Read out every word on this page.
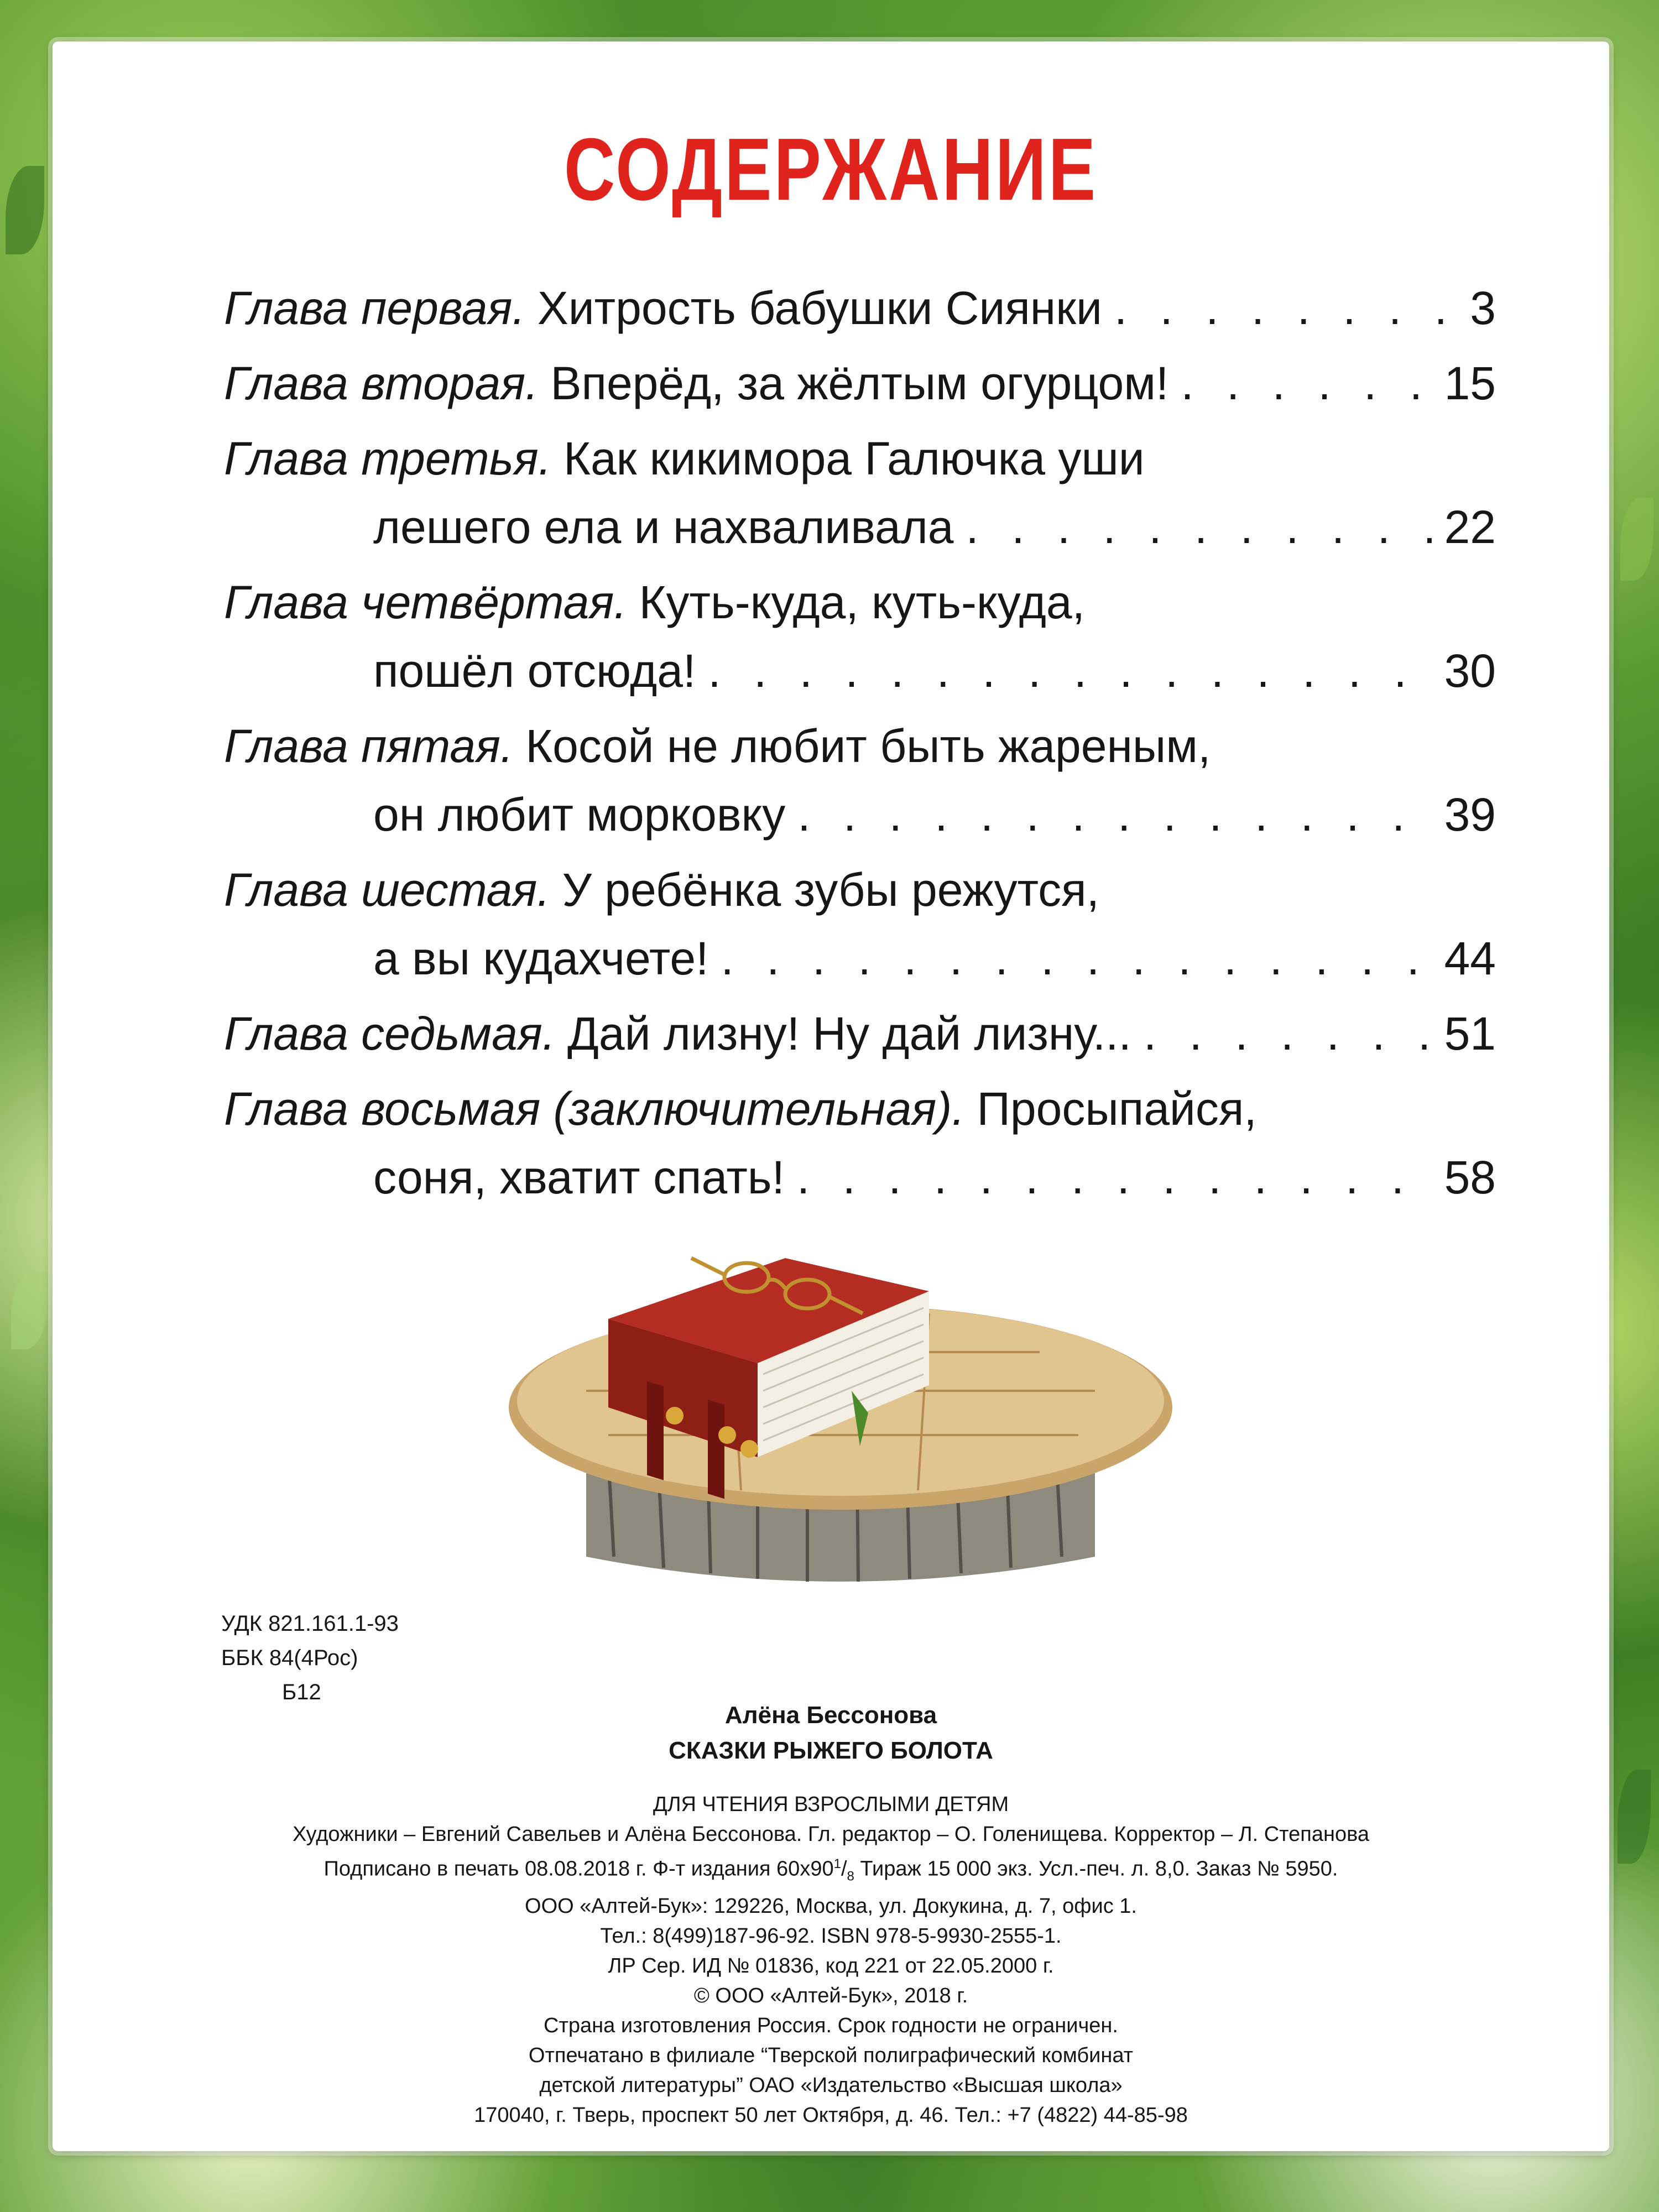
СОДЕРЖАНИЕ
Глава первая. Хитрость бабушки Сиянки . . .	3
Глава вторая. Вперёд, за жёлтым огурцом! . . .	15
Глава третья. Как кикимора Галючка уши
лешего ела и нахваливала . . .	22
Глава четвёртая. Куть-куда, куть-куда,
пошёл отсюда! . . .	30
Глава пятая. Косой не любит быть жареным,
он любит морковку . . .	39
Глава шестая. У ребёнка зубы режутся,
а вы кудахчете! . . .	44
Глава седьмая. Дай лизну! Ну дай лизну... . . .	51
Глава восьмая (заключительная). Просыпайся,
соня, хватит спать! . . .	58
УДК 821.161.1-93
ББК 84(4Рос)
Б12
Алёна Бессонова
СКАЗКИ РЫЖЕГО БОЛОТА
ДЛЯ ЧТЕНИЯ ВЗРОСЛЫМИ ДЕТЯМ
Художники – Евгений Савельев и Алёна Бессонова. Гл. редактор – О. Голенищева. Корректор – Л. Степанова
Подписано в печать 08.08.2018 г. Ф-т издания $60х90^1/_8$ Тираж 15 000 экз. Усл.-печ. л. 8,0. Заказ № 5950.
ООО «Алтей-Бук»: 129226, Москва, ул. Докукина, д. 7, офис 1.
Тел.: 8(499)187-96-92. ISBN 978-5-9930-2555-1.
ЛР Сер. ИД № 01836, код 221 от 22.05.2000 г.
© ООО «Алтей-Бук», 2018 г.
Страна изготовления Россия. Срок годности не ограничен.
Отпечатано в филиале “Тверской полиграфический комбинат
детской литературы” ОАО «Издательство «Высшая школа»
170040, г. Тверь, проспект 50 лет Октября, д. 46. Тел.: +7 (4822) 44-85-98
